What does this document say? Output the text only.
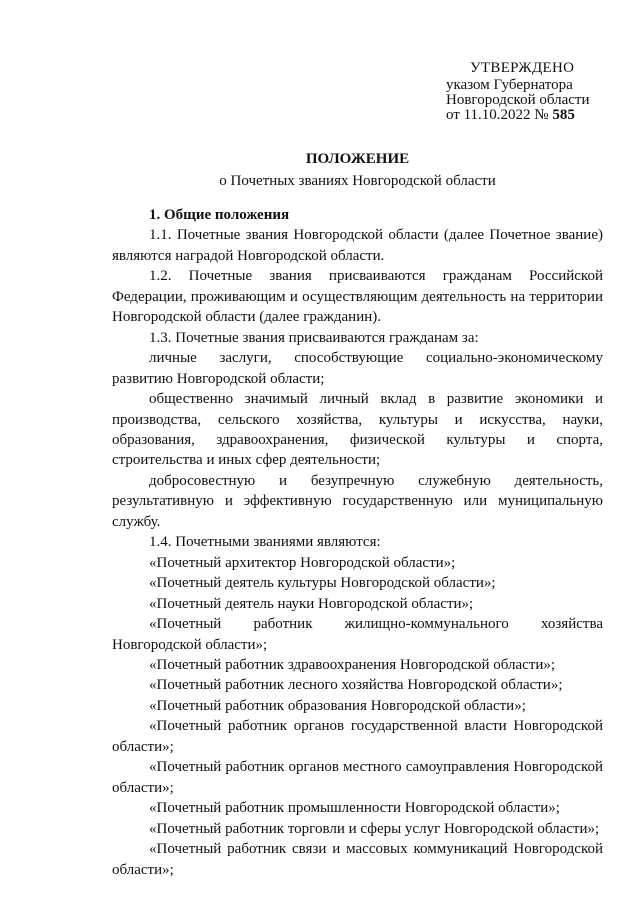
УТВЕРЖДЕНО
указом Губернатора
Новгородской области
от 11.10.2022 № 585
ПОЛОЖЕНИЕ
о Почетных званиях Новгородской области

1. Общие положения

1.1. Почетные звания Новгородской области (далее Почетное звание) являются наградой Новгородской области.

1.2. Почетные звания присваиваются гражданам Российской Федерации, проживающим и осуществляющим деятельность на территории Новгородской области (далее гражданин).

1.3. Почетные звания присваиваются гражданам за:

личные заслуги, способствующие социально-экономическому развитию Новгородской области;

общественно значимый личный вклад в развитие экономики и производства, сельского хозяйства, культуры и искусства, науки, образования, здравоохранения, физической культуры и спорта, строительства и иных сфер деятельности;

добросовестную и безупречную служебную деятельность, результативную и эффективную государственную или муниципальную службу.

1.4. Почетными званиями являются:

«Почетный архитектор Новгородской области»;

«Почетный деятель культуры Новгородской области»;

«Почетный деятель науки Новгородской области»;

«Почетный работник жилищно-коммунального хозяйства Новгородской области»;

«Почетный работник здравоохранения Новгородской области»;

«Почетный работник лесного хозяйства Новгородской области»;

«Почетный работник образования Новгородской области»;

«Почетный работник органов государственной власти Новгородской области»;

«Почетный работник органов местного самоуправления Новгородской области»;

«Почетный работник промышленности Новгородской области»;

«Почетный работник торговли и сферы услуг Новгородской области»;

«Почетный работник связи и массовых коммуникаций Новгородской области»;
